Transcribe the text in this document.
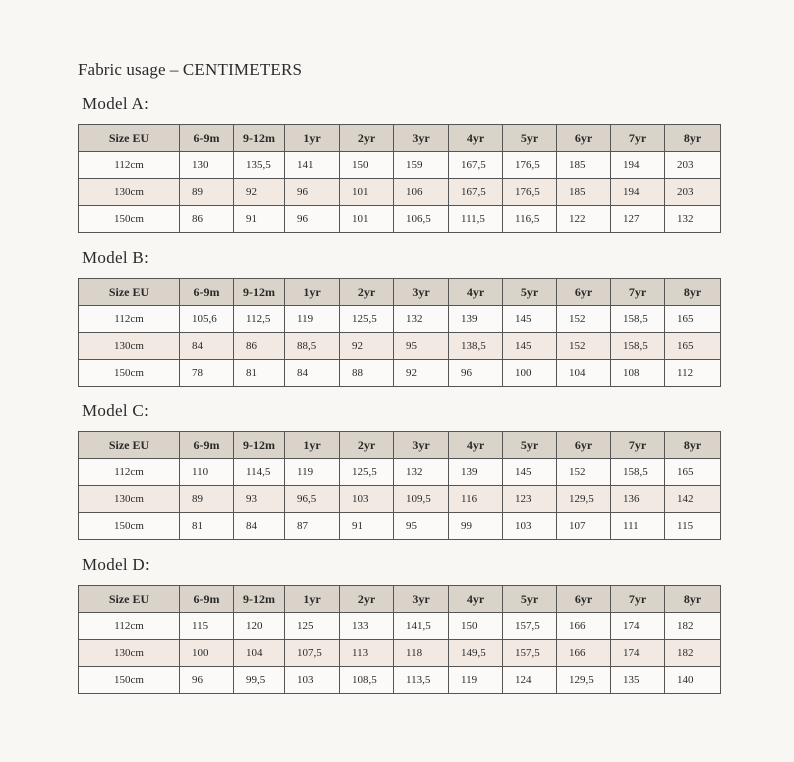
Fabric usage – CENTIMETERS
Model A:
Size EU	6-9m	9-12m	1yr	2yr	3yr	4yr	5yr	6yr	7yr	8yr
112cm	130	135,5	141	150	159	167,5	176,5	185	194	203
130cm	89	92	96	101	106	167,5	176,5	185	194	203
150cm	86	91	96	101	106,5	111,5	116,5	122	127	132
Model B:
Size EU	6-9m	9-12m	1yr	2yr	3yr	4yr	5yr	6yr	7yr	8yr
112cm	105,6	112,5	119	125,5	132	139	145	152	158,5	165
130cm	84	86	88,5	92	95	138,5	145	152	158,5	165
150cm	78	81	84	88	92	96	100	104	108	112
Model C:
Size EU	6-9m	9-12m	1yr	2yr	3yr	4yr	5yr	6yr	7yr	8yr
112cm	110	114,5	119	125,5	132	139	145	152	158,5	165
130cm	89	93	96,5	103	109,5	116	123	129,5	136	142
150cm	81	84	87	91	95	99	103	107	111	115
Model D:
Size EU	6-9m	9-12m	1yr	2yr	3yr	4yr	5yr	6yr	7yr	8yr
112cm	115	120	125	133	141,5	150	157,5	166	174	182
130cm	100	104	107,5	113	118	149,5	157,5	166	174	182
150cm	96	99,5	103	108,5	113,5	119	124	129,5	135	140
